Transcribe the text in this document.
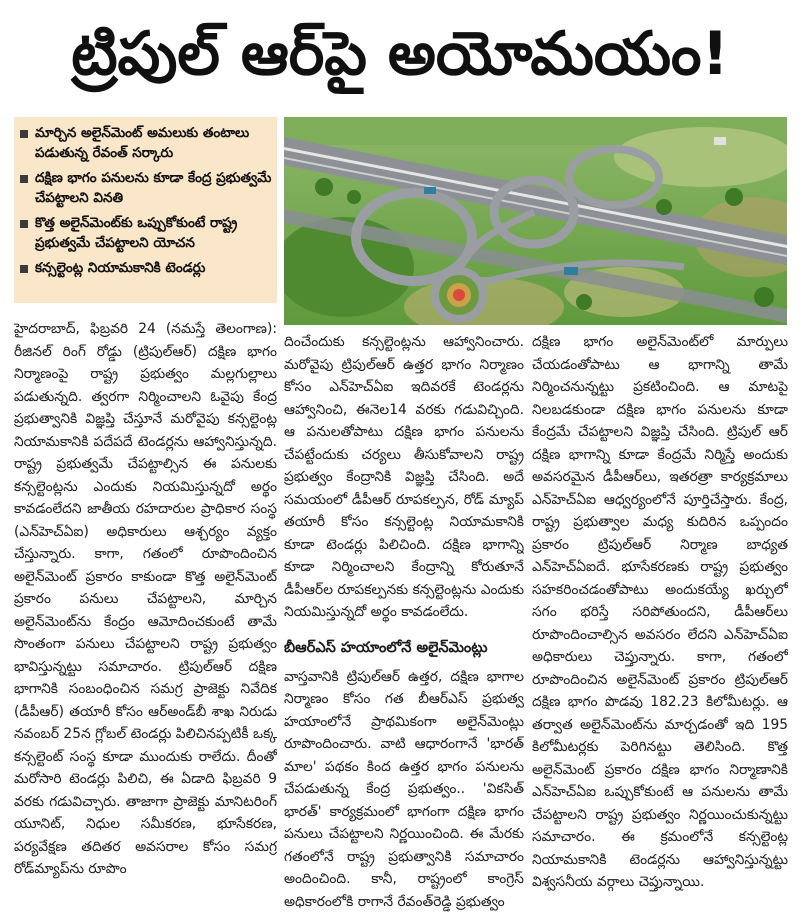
ట్రిపుల్ ఆర్‌పై అయోమయం!
మార్చిన అలైన్‌మెంట్ అమలుకు తంటాలు పడుతున్న రేవంత్ సర్కారు
దక్షిణ భాగం పనులను కూడా కేంద్ర ప్రభుత్వమే చేపట్టాలని వినతి
కొత్త అలైన్‌మెంట్‌కు ఒప్పుకోకుంటే రాష్ట్ర ప్రభుత్వమే చేపట్టాలని యోచన
కన్సల్టెంట్ల నియామకానికి టెండర్లు

హైదరాబాద్, ఫిబ్రవరి 24 (నమస్తే తెలంగాణ): రీజినల్ రింగ్ రోడ్డు (ట్రిపుల్‌ఆర్) దక్షిణ భాగం నిర్మాణంపై రాష్ట్ర ప్రభుత్వం మల్లగుల్లాలు పడుతున్నది. త్వరగా నిర్మించాలని ఓవైపు కేంద్ర ప్రభుత్వానికి విజ్ఞప్తి చేస్తూనే మరోవైపు కన్సల్టెంట్ల నియామకానికి పదేపదే టెండర్లను ఆహ్వానిస్తున్నది. రాష్ట్ర ప్రభుత్వమే చేపట్టాల్సిన ఈ పనులకు కన్సల్టెంట్లను ఎందుకు నియమిస్తున్నదో అర్థం కావడంలేదని జాతీయ రహదారుల ప్రాధికార సంస్థ (ఎన్‌హెచ్‌ఏఐ) అధికారులు ఆశ్చర్యం వ్యక్తం చేస్తున్నారు. కాగా, గతంలో రూపొందించిన అలైన్‌మెంట్ ప్రకారం కాకుండా కొత్త అలైన్‌మెంట్ ప్రకారం పనులు చేపట్టాలని, మార్చిన అలైన్‌మెంట్‌ను కేంద్రం ఆమోదించకుంటే తామే సొంతంగా పనులు చేపట్టాలని రాష్ట్ర ప్రభుత్వం భావిస్తున్నట్టు సమాచారం. ట్రిపుల్‌ఆర్ దక్షిణ భాగానికి సంబంధించిన సమగ్ర ప్రాజెక్టు నివేదిక (డీపీఆర్) తయారీ కోసం ఆర్‌అండ్‌బీ శాఖ నిరుడు నవంబర్ 25న గ్లోబల్ టెండర్లు పిలిచినప్పటికీ ఒక్క కన్సల్టెంట్ సంస్థ కూడా ముందుకు రాలేదు. దీంతో మరోసారి టెండర్లు పిలిచి, ఈ ఏడాది ఫిబ్రవరి 9 వరకు గడువిచ్చారు. తాజాగా ప్రాజెక్టు మానిటరింగ్ యూనిట్, నిధుల సమీకరణ, భూసేకరణ, పర్యవేక్షణ తదితర అవసరాల కోసం సమగ్ర రోడ్‌మ్యాప్‌ను రూపొం

దించేందుకు కన్సల్టెంట్లను ఆహ్వానించారు. మరోవైపు ట్రిపుల్‌ఆర్ ఉత్తర భాగం నిర్మాణం కోసం ఎన్‌హెచ్ఏఐ ఇదివరకే టెండర్లను ఆహ్వానించి, ఈనెల14 వరకు గడువిచ్చింది. ఆ పనులతోపాటు దక్షిణ భాగం పనులను చేపట్టేందుకు చర్యలు తీసుకోవాలని రాష్ట్ర ప్రభుత్వం కేంద్రానికి విజ్ఞప్తి చేసింది. అదే సమయంలో డీపీఆర్ రూపకల్పన, రోడ్ మ్యాప్ తయారీ కోసం కన్సల్టెంట్ల నియామకానికి కూడా టెండర్లు పిలిచింది. దక్షిణ భాగాన్ని కూడా నిర్మించాలని కేంద్రాన్ని కోరుతూనే డీపీఆర్‌ల రూపకల్పనకు కన్సల్టెంట్లను ఎందుకు నియమిస్తున్నదో అర్థం కావడంలేదు.

బీఆర్‌ఎస్ హయాంలోనే అలైన్‌మెంట్లు

వాస్తవానికి ట్రిపుల్‌ఆర్ ఉత్తర, దక్షిణ భాగాల నిర్మాణం కోసం గత బీఆర్‌ఎస్ ప్రభుత్వ హయాంలోనే ప్రాథమికంగా అలైన్‌మెంట్లు రూపొందించారు. వాటి ఆధారంగానే 'భారత్ మాల' పథకం కింద ఉత్తర భాగం పనులను చేపడుతున్న కేంద్ర ప్రభుత్వం.. 'వికసిత్ భారత్' కార్యక్రమంలో భాగంగా దక్షిణ భాగం పనులు చేపట్టాలని నిర్ణయించింది. ఈ మేరకు గతంలోనే రాష్ట్ర ప్రభుత్వానికి సమాచారం అందించింది. కానీ, రాష్ట్రంలో కాంగ్రెస్ అధికారంలోకి రాగానే రేవంత్‌రెడ్డి ప్రభుత్వం

దక్షిణ భాగం అలైన్‌మెంట్‌లో మార్పులు చేయడంతోపాటు ఆ భాగాన్ని తామే నిర్మించనున్నట్టు ప్రకటించింది. ఆ మాటపై నిలబడకుండా దక్షిణ భాగం పనులను కూడా కేంద్రమే చేపట్టాలని విజ్ఞప్తి చేసింది. ట్రిపుల్ ఆర్ దక్షిణ భాగాన్ని కూడా కేంద్రమే నిర్మిస్తే అందుకు అవసరమైన డీపీఆర్‌లు, ఇతరత్రా కార్యక్రమాలు ఎన్‌హెచ్‌ఏఐ ఆధ్వర్యంలోనే పూర్తిచేస్తారు. కేంద్ర, రాష్ట్ర ప్రభుత్వాల మధ్య కుదిరిన ఒప్పందం ప్రకారం ట్రిపుల్‌ఆర్ నిర్మాణ బాధ్యత ఎన్‌హెచ్‌ఏఐదే. భూసేకరణకు రాష్ట్ర ప్రభుత్వం సహకరించడంతోపాటు అందుకయ్యే ఖర్చులో సగం భరిస్తే సరిపోతుందని, డీపీఆర్‌లు రూపొందించాల్సిన అవసరం లేదని ఎన్‌హెచ్‌ఏఐ అధికారులు చెప్తున్నారు. కాగా, గతంలో రూపొందించిన అలైన్‌మెంట్ ప్రకారం ట్రిపుల్‌ఆర్ దక్షిణ భాగం పొడవు 182.23 కిలోమీటర్లు. ఆ తర్వాత అలైన్‌మెంట్‌ను మార్చడంతో ఇది 195 కిలోమీటర్లకు పెరిగినట్టు తెలిసింది. కొత్త అలైన్‌మెంట్ ప్రకారం దక్షిణ భాగం నిర్మాణానికి ఎన్‌హెచ్‌ఏఐ ఒప్పుకోకుంటే ఆ పనులను తామే చేపట్టాలని రాష్ట్ర ప్రభుత్వం నిర్ణయించుకున్నట్టు సమాచారం. ఈ క్రమంలోనే కన్సల్టెంట్ల నియామకానికి టెండర్లను ఆహ్వానిస్తున్నట్టు విశ్వసనీయ వర్గాలు చెప్తున్నాయి.
